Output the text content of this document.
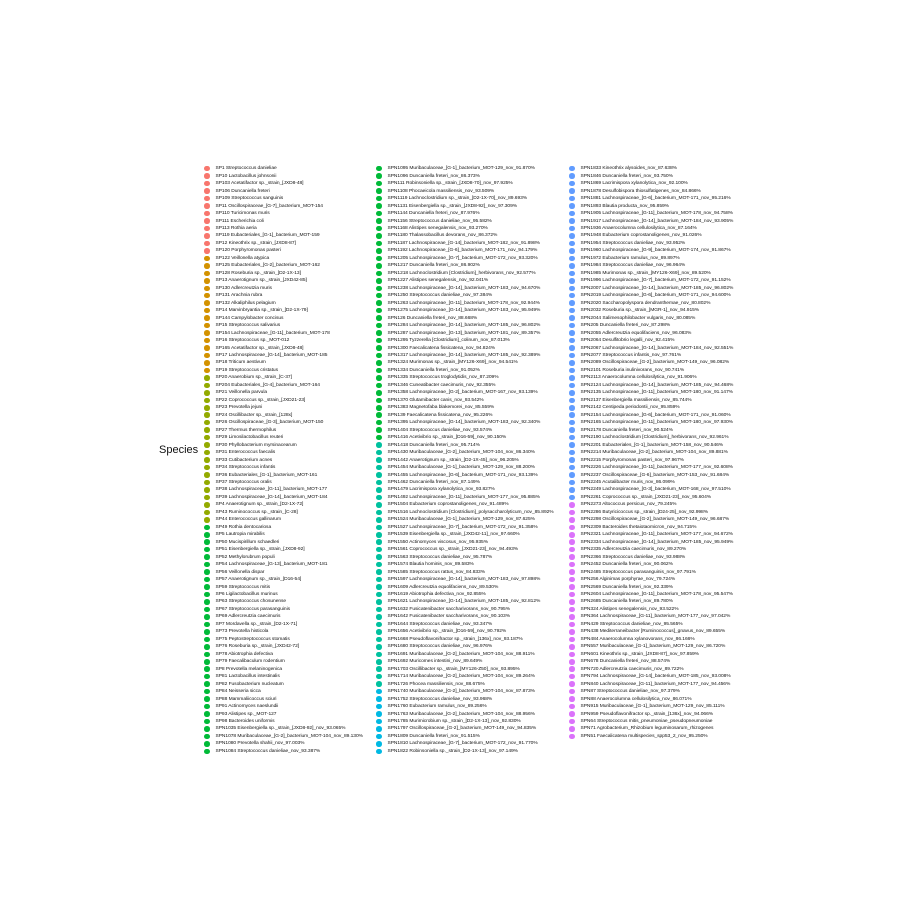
Species
SP1 Streptococcus danieliae
SP10 Lactobacillus johnsonii
SP103 Acetatifactor sp._strain_[JXD8-48]
SP106 Duncaniella freteri
SP109 Streptococcus sanguinis
SP11 Oscillospiraceae_[G-7]_bacterium_MOT-154
SP110 Turicimonas muris
SP111 Escherichia coli
SP113 Rothia aeria
SP119 Eubacteriales_[G-1]_bacterium_MOT-159
SP12 Kineothrix sp._strain_[JXD8-87]
SP120 Porphyromonas pasteri
SP122 Veillonella atypica
SP125 Eubacteriales_[G-2]_bacterium_MOT-162
SP128 Roseburia sp._strain_[D2-1X-13]
SP13 Anaerotignum sp._strain_[JXD42-85]
SP130 Adlercreutzia muris
SP131 Arachnia rubra
SP132 Alkaliphilus pelagium
SP14 Marvinbryantia sp._strain_[D2-1X-79]
SP144 Campylobacter concisus
SP15 Streptococcus salivarius
SP154 Lachnospiraceae_[G-11]_bacterium_MOT-178
SP16 Streptococcus sp._MOT-012
SP165 Acetatifactor sp._strain_[JXD8-48]
SP17 Lachnospiraceae_[G-14]_bacterium_MOT-185
SP18 Triticum aestivum
SP19 Streptococcus cristatus
SP20 Anaerobium sp._strain_[C-37]
SP204 Eubacteriales_[G-4]_bacterium_MOT-164
SP21 Veillonella parvula
SP22 Coprococcus sp._strain_[JXD21-23]
SP23 Prevotella jejuni
SP24 Oscillibacter sp._strain_[128x]
SP26 Oscillospiraceae_[G-3]_bacterium_MOT-150
SP27 Thermus thermophilus
SP29 Limosilactobacillus reuteri
SP30 Phyllobacterium myrsinacearum
SP31 Enterococcus faecalis
SP33 Cutibacterium acnes
SP34 Streptococcus infantis
SP36 Eubacteriales_[G-1]_bacterium_MOT-161
SP37 Streptococcus oralis
SP38 Lachnospiraceae_[G-11]_bacterium_MOT-177
SP39 Lachnospiraceae_[G-14]_bacterium_MOT-184
SP4 Anaerotignum sp._strain_[D2-1X-72]
SP43 Ruminococcus sp._strain_[C-28]
SP44 Enterococcus gallinarum
SP49 Rothia dentocariosa
SP5 Lautropia mirabilis
SP50 Mucispirillum schaedleri
SP51 Eisenbergiella sp._strain_[JXD8-92]
SP52 Methylorubrum populi
SP54 Lachnospiraceae_[G-13]_bacterium_MOT-181
SP56 Veillonella dispar
SP57 Anaerotignum sp._strain_[D16-54]
SP59 Streptococcus mitis
SP6 Ligilactobacillus murinus
SP63 Streptococcus chosunense
SP67 Streptococcus parasanguinis
SP69 Adlercreutzia caecimuris
SP7 Mordavella sp._strain_[D2-1X-71]
SP73 Prevotella histicola
SP75 Peptostreptococcus stomatis
SP76 Roseburia sp._strain_[JXD42-72]
SP78 Abiotrophia defectiva
SP79 Faecalibaculum rodentium
SP8 Prevotella melaninogenica
SP81 Lactobacillus intestinalis
SP82 Fusobacterium nucleatum
SP84 Neisseria sicca
SP88 Mammaliicoccus sciuri
SP91 Actinomyces naeslundii
SP93 Alistipes sp._MOT-127
SP98 Bacteroides uniformis
SPN1035 Eisenbergiella sp._strain_[JXD8-92]_nov_93.065%
SPN1078 Muribaculaceae_[G-2]_bacterium_MOT-104_nov_89.130%
SPN1080 Prevotella shahii_nov_97.003%
SPN1084 Streptococcus danieliae_nov_93.387%
SPN1095 Muribaculaceae_[G-1]_bacterium_MOT-129_nov_91.870%
SPN1096 Duncaniella freteri_nov_86.373%
SPN111 Robinsoniella sp._strain_[JXD8-70]_nov_97.925%
SPN1108 Phocaeicola massiliensis_nov_93.509%
SPN1119 Lachnoclostridium sp._strain_[D2-1X-70]_nov_89.693%
SPN1131 Eisenbergiella sp._strain_[JXD8-92]_nov_97.309%
SPN1144 Duncaniella freteri_nov_87.976%
SPN1156 Streptococcus danieliae_nov_95.582%
SPN1168 Alistipes senegalensis_nov_93.270%
SPN1180 Thalassobacillus devorans_nov_86.372%
SPN1187 Lachnospiraceae_[G-14]_bacterium_MOT-182_nov_91.898%
SPN1192 Lachnospiraceae_[G-6]_bacterium_MOT-171_nov_94.179%
SPN1205 Lachnospiraceae_[G-7]_bacterium_MOT-172_nov_93.320%
SPN1217 Duncaniella freteri_nov_86.902%
SPN1218 Lachnoclostridium [Clostridium]_herbivorans_nov_92.577%
SPN1227 Alistipes senegalensis_nov_92.041%
SPN1238 Lachnospiraceae_[G-14]_bacterium_MOT-183_nov_94.670%
SPN1250 Streptococcus danieliae_nov_97.384%
SPN1263 Lachnospiraceae_[G-11]_bacterium_MOT-178_nov_92.944%
SPN1275 Lachnospiraceae_[G-14]_bacterium_MOT-183_nov_95.949%
SPN126 Duncaniella freteri_nov_88.668%
SPN1284 Lachnospiraceae_[G-14]_bacterium_MOT-185_nov_96.802%
SPN1287 Lachnospiraceae_[G-13]_bacterium_MOT-181_nov_89.357%
SPN1295 Tyzzerella [Clostridium]_colinum_nov_87.013%
SPN1300 Faecalicatena fissicatena_nov_94.824%
SPN1317 Lachnospiraceae_[G-14]_bacterium_MOT-185_nov_92.389%
SPN1324 Murimonas sp._strain_[MY126-X69]_nov_94.541%
SPN1334 Duncaniella freteri_nov_91.052%
SPN1335 Streptococcus troglodytidis_nov_87.209%
SPN1346 Cuneatibacter caecimuris_nov_92.355%
SPN1358 Lachnospiraceae_[G-2]_bacterium_MOT-167_nov_93.139%
SPN1370 Glutamibacter canis_nov_93.542%
SPN1383 Magnetofaba blakemorei_nov_85.559%
SPN139 Faecalicatena fissicatena_nov_95.226%
SPN1395 Lachnospiraceae_[G-14]_bacterium_MOT-183_nov_92.340%
SPN1404 Streptococcus danieliae_nov_93.574%
SPN1416 Acetivibrio sp._strain_[D16-59]_nov_90.150%
SPN1418 Duncaniella freteri_nov_95.714%
SPN1430 Muribaculaceae_[G-2]_bacterium_MOT-104_nov_86.340%
SPN1442 Anaerotignum sp._strain_[D2-1X-45]_nov_96.205%
SPN1454 Muribaculaceae_[G-1]_bacterium_MOT-129_nov_88.200%
SPN1455 Lachnospiraceae_[G-6]_bacterium_MOT-171_nov_93.139%
SPN1462 Duncaniella freteri_nov_87.149%
SPN1479 Lacrimispora xylanolytica_nov_93.827%
SPN1492 Lachnospiraceae_[G-11]_bacterium_MOT-177_nov_95.885%
SPN1504 Eubacterium coprostanoligenes_nov_91.489%
SPN1516 Lachnoclostridium [Clostridium]_polysaccharolyticum_nov_85.892%
SPN1524 Muribaculaceae_[G-1]_bacterium_MOT-129_nov_87.625%
SPN1527 Lachnospiraceae_[G-7]_bacterium_MOT-172_nov_91.358%
SPN1539 Eisenbergiella sp._strain_[JXD42-11]_nov_97.660%
SPN1550 Actinomyces viscosus_nov_95.935%
SPN1561 Coprococcus sp._strain_[JXD21-23]_nov_94.493%
SPN1563 Streptococcus danieliae_nov_95.787%
SPN1574 Blautia hominis_nov_89.583%
SPN1585 Streptococcus rattus_nov_84.833%
SPN1597 Lachnospiraceae_[G-14]_bacterium_MOT-183_nov_97.898%
SPN1609 Adlercreutzia equolifaciens_nov_89.530%
SPN1619 Abiotrophia defectiva_nov_92.855%
SPN1621 Lachnospiraceae_[G-14]_bacterium_MOT-185_nov_92.812%
SPN1632 Fusicatenibacter saccharivorans_nov_90.795%
SPN1642 Fusicatenibacter saccharivorans_nov_90.103%
SPN1644 Streptococcus danieliae_nov_93.347%
SPN1656 Acetivibrio sp._strain_[D16-59]_nov_90.792%
SPN1668 Pseudoflavonifractor sp._strain_[136x]_nov_93.187%
SPN1680 Streptococcus danieliae_nov_96.976%
SPN1691 Muribaculaceae_[G-2]_bacterium_MOT-104_nov_88.911%
SPN1692 Muricomes intestini_nov_89.649%
SPN1703 Oscillibacter sp._strain_[MY126-Z50]_nov_93.895%
SPN1714 Muribaculaceae_[G-2]_bacterium_MOT-104_nov_89.264%
SPN1726 Phocea massiliensis_nov_88.675%
SPN1740 Muribaculaceae_[G-2]_bacterium_MOT-104_nov_87.873%
SPN1752 Streptococcus danieliae_nov_93.968%
SPN1760 Eubacterium ramulus_nov_89.256%
SPN1763 Muribaculaceae_[G-2]_bacterium_MOT-104_nov_88.956%
SPN1785 Murimicrobium sp._strain_[D2-1X-13]_nov_92.830%
SPN1797 Oscillospiraceae_[G-2]_bacterium_MOT-149_nov_94.835%
SPN1809 Duncaniella freteri_nov_91.515%
SPN1810 Lachnospiraceae_[G-7]_bacterium_MOT-172_nov_91.770%
SPN1822 Robinsoniella sp._strain_[D2-1X-13]_nov_97.149%
SPN1833 Kineothrix alysoides_nov_87.638%
SPN1846 Duncaniella freteri_nov_93.750%
SPN1869 Lacrimispora xylanolytica_nov_92.100%
SPN1878 Desulfobispora thiosulfatigenes_nov_84.866%
SPN1881 Lachnospiraceae_[G-6]_bacterium_MOT-171_nov_95.216%
SPN1893 Blautia producta_nov_95.859%
SPN1905 Lachnospiraceae_[G-11]_bacterium_MOT-178_nov_94.758%
SPN1917 Lachnospiraceae_[G-14]_bacterium_MOT-184_nov_93.905%
SPN1936 Anaerocolumna cellulosilytica_nov_87.164%
SPN1948 Eubacterium coprostanoligenes_nov_91.026%
SPN1954 Streptococcus danieliae_nov_93.952%
SPN1960 Lachnospiraceae_[G-9]_bacterium_MOT-174_nov_91.867%
SPN1972 Eubacterium ramulus_nov_89.897%
SPN1984 Streptococcus danieliae_nov_96.964%
SPN1985 Murimonas sp._strain_[MY126-X69]_nov_89.520%
SPN1996 Lachnospiraceae_[G-7]_bacterium_MOT-172_nov_91.152%
SPN2007 Lachnospiraceae_[G-14]_bacterium_MOT-185_nov_96.802%
SPN2019 Lachnospiraceae_[G-6]_bacterium_MOT-171_nov_94.600%
SPN2020 Saccharopolyspora dendranthemae_nov_80.802%
SPN2032 Roseburia sp._strain_[MGR-1]_nov_94.915%
SPN2044 Salimesophilobacter vulgaris_nov_80.085%
SPN205 Duncaniella freteri_nov_87.298%
SPN2055 Adlercreutzia equolifaciens_nov_96.083%
SPN2064 Desulfitobrio legalli_nov_92.415%
SPN2067 Lachnospiraceae_[G-14]_bacterium_MOT-184_nov_92.551%
SPN2077 Streptococcus infantis_nov_97.761%
SPN2089 Oscillospiraceae_[G-2]_bacterium_MOT-149_nov_96.082%
SPN2101 Roseburia inulinivorans_nov_90.741%
SPN2113 Anaerocolumna cellulosilytica_nov_91.906%
SPN2124 Lachnospiraceae_[G-14]_bacterium_MOT-185_nov_94.468%
SPN2135 Lachnospiraceae_[G-11]_bacterium_MOT-180_nov_91.147%
SPN2137 Eisenbergiella massiliensis_nov_85.744%
SPN2142 Centipeda periodontii_nov_95.859%
SPN2154 Lachnospiraceae_[G-6]_bacterium_MOT-171_nov_91.060%
SPN2165 Lachnospiraceae_[G-11]_bacterium_MOT-180_nov_97.930%
SPN2178 Duncaniella freteri_nov_90.524%
SPN2190 Lachnoclostridium [Clostridium]_herbivorans_nov_92.961%
SPN2201 Eubacteriales_[G-1]_bacterium_MOT-158_nov_90.546%
SPN2214 Muribaculaceae_[G-2]_bacterium_MOT-104_nov_89.881%
SPN2215 Porphyromonas pasteri_nov_97.967%
SPN2226 Lachnospiraceae_[G-11]_bacterium_MOT-177_nov_92.608%
SPN2237 Oscillospiraceae_[G-6]_bacterium_MOT-153_nov_91.684%
SPN2245 Acutalibacter muris_nov_86.099%
SPN2249 Lachnospiraceae_[G-3]_bacterium_MOT-168_nov_97.510%
SPN2261 Coprococcus sp._strain_[JXD21-23]_nov_95.604%
SPN2273 Altococcus persicus_nov_79.245%
SPN2286 Butyricicoccus sp._strain_[D24-25]_nov_92.998%
SPN2298 Oscillospiraceae_[G-2]_bacterium_MOT-149_nov_96.687%
SPN2309 Bacteroides thetaiotaomicron_nov_94.715%
SPN2321 Lachnospiraceae_[G-11]_bacterium_MOT-177_nov_94.672%
SPN2334 Lachnospiraceae_[G-14]_bacterium_MOT-185_nov_95.949%
SPN2335 Adlercreutzia caecimuris_nov_89.270%
SPN2366 Streptococcus danieliae_nov_93.988%
SPN2452 Duncaniella freteri_nov_90.062%
SPN2485 Streptococcus parasanguinis_nov_97.791%
SPN256 Alginimas porphyrae_nov_79.724%
SPN2569 Duncaniella freteri_nov_92.339%
SPN2604 Lachnospiraceae_[G-11]_bacterium_MOT-178_nov_95.547%
SPN2685 Duncaniella freteri_nov_89.780%
SPN324 Alistipes senegalensis_nov_93.522%
SPN364 Lachnospiraceae_[G-11]_bacterium_MOT-177_nov_97.042%
SPN429 Streptococcus danieliae_nov_95.565%
SPN438 Mediterraneibacter [Ruminococcus]_gnavus_nov_89.655%
SPN484 Anaerocolumna xylanovorans_nov_86.166%
SPN557 Muribaculaceae_[G-1]_bacterium_MOT-129_nov_86.720%
SPN601 Kineothrix sp._strain_[JXD8-87]_nov_97.859%
SPN678 Duncaniella freteri_nov_88.574%
SPN720 Adlercreutzia caecimuris_nov_89.722%
SPN794 Lachnospiraceae_[G-14]_bacterium_MOT-185_nov_93.008%
SPN840 Lachnospiraceae_[G-11]_bacterium_MOT-177_nov_94.456%
SPN87 Streptococcus danieliae_nov_97.379%
SPN88 Anaerocolumna cellulosilytica_nov_86.071%
SPN915 Muribaculaceae_[G-1]_bacterium_MOT-129_nov_85.111%
SPN959 Pseudoflavonifractor sp._strain_[136x]_nov_94.066%
SPN64 Streptococcus mitis_pneumoniae_pseudopneumoniae
SPN71 Agrobacterium_Rhizobium leguminosarum_rhizogenes
SPN51 Faecalicatena multispecies_spp53_2_nov_95.250%
